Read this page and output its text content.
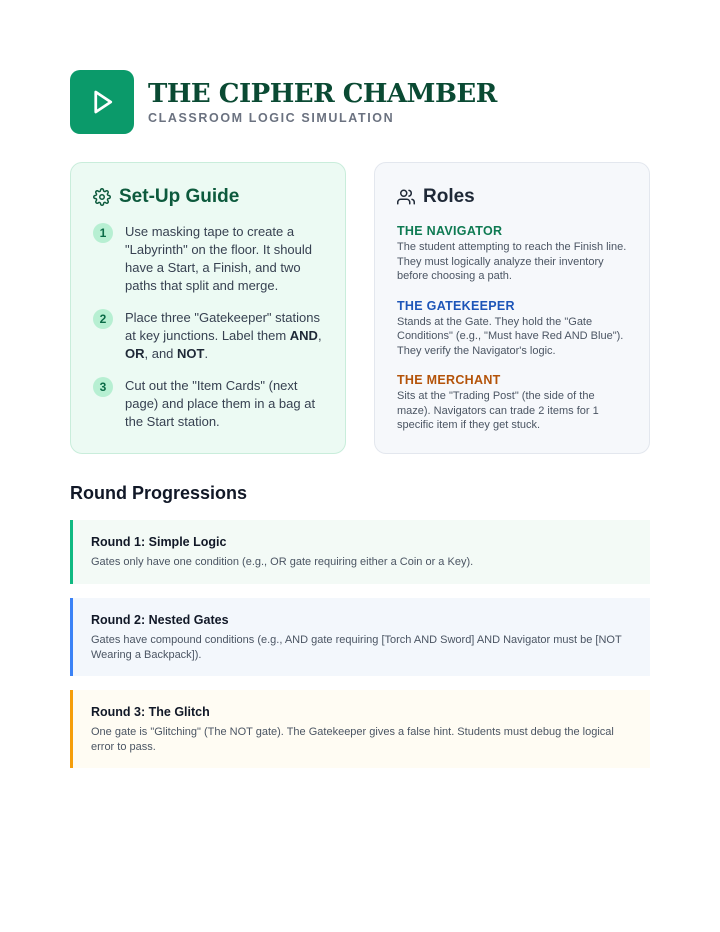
THE CIPHER CHAMBER
CLASSROOM LOGIC SIMULATION
Set-Up Guide
1	Use masking tape to create a "Labyrinth" on the floor. It should have a Start, a Finish, and two paths that split and merge.
2	Place three "Gatekeeper" stations at key junctions. Label them AND, OR, and NOT.
3	Cut out the "Item Cards" (next page) and place them in a bag at the Start station.
Roles
THE NAVIGATOR
The student attempting to reach the Finish line. They must logically analyze their inventory before choosing a path.
THE GATEKEEPER
Stands at the Gate. They hold the "Gate Conditions" (e.g., "Must have Red AND Blue"). They verify the Navigator's logic.
THE MERCHANT
Sits at the "Trading Post" (the side of the maze). Navigators can trade 2 items for 1 specific item if they get stuck.
Round Progressions
Round 1: Simple Logic
Gates only have one condition (e.g., OR gate requiring either a Coin or a Key).
Round 2: Nested Gates
Gates have compound conditions (e.g., AND gate requiring [Torch AND Sword] AND Navigator must be [NOT Wearing a Backpack]).
Round 3: The Glitch
One gate is "Glitching" (The NOT gate). The Gatekeeper gives a false hint. Students must debug the logical error to pass.
